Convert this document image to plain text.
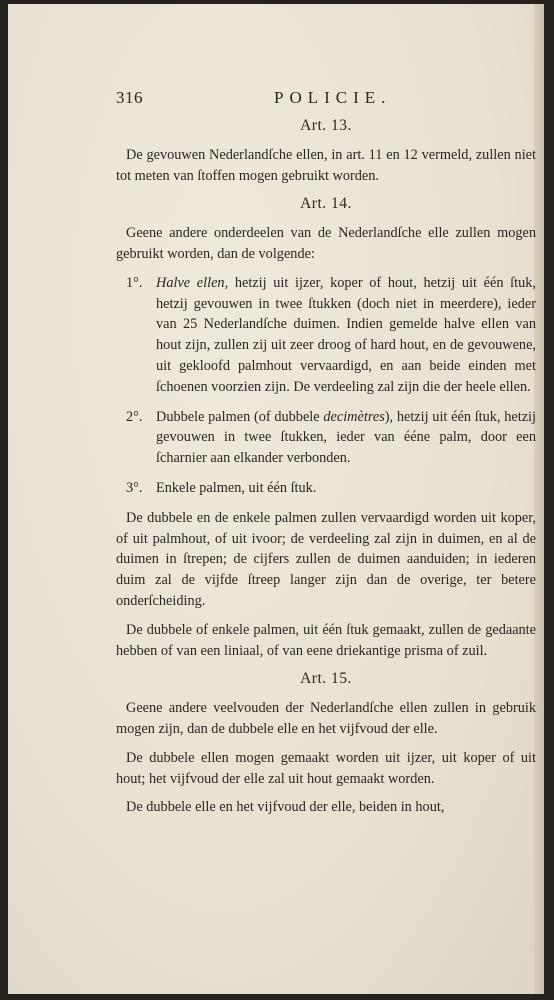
316	POLICIE.
Art. 13.

De gevouwen Nederlandſche ellen, in art. 11 en 12 vermeld, zullen niet tot meten van ſtoffen mogen gebruikt worden.

Art. 14.

Geene andere onderdeelen van de Nederlandſche elle zullen mogen gebruikt worden, dan de volgende:

1°. Halve ellen, hetzij uit ijzer, koper of hout, hetzij uit één ſtuk, hetzij gevouwen in twee ſtukken (doch niet in meerdere), ieder van 25 Nederlandſche duimen. Indien gemelde halve ellen van hout zijn, zullen zij uit zeer droog of hard hout, en de gevouwene, uit gekloofd palmhout vervaardigd, en aan beide einden met ſchoenen voorzien zijn. De verdeeling zal zijn die der heele ellen.
2°. Dubbele palmen (of dubbele decimètres), hetzij uit één ſtuk, hetzij gevouwen in twee ſtukken, ieder van éénе palm, door een ſcharnier aan elkander verbonden.
3°. Enkele palmen, uit één ſtuk.

De dubbele en de enkele palmen zullen vervaardigd worden uit koper, of uit palmhout, of uit ivoor; de verdeeling zal zijn in duimen, en al de duimen in ſtrepen; de cijfers zullen de duimen aanduiden; in iederen duim zal de vijfde ſtreep langer zijn dan de overige, ter betere onderſcheiding.

De dubbele of enkele palmen, uit één ſtuk gemaakt, zullen de gedaante hebben of van een liniaal, of van eene driekantige prisma of zuil.

Art. 15.

Geene andere veelvouden der Nederlandſche ellen zullen in gebruik mogen zijn, dan de dubbele elle en het vijfvoud der elle.

De dubbele ellen mogen gemaakt worden uit ijzer, uit koper of uit hout; het vijfvoud der elle zal uit hout gemaakt worden.

De dubbele elle en het vijfvoud der elle, beiden in hout,
